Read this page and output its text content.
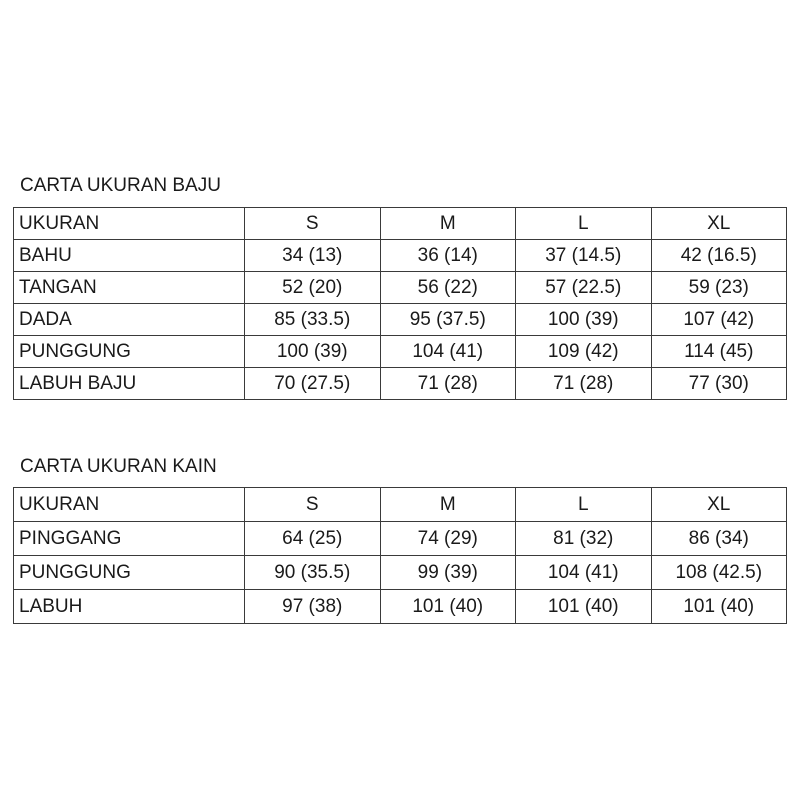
CARTA UKURAN BAJU
UKURAN	S	M	L	XL
BAHU	34 (13)	36 (14)	37 (14.5)	42 (16.5)
TANGAN	52 (20)	56 (22)	57 (22.5)	59 (23)
DADA	85 (33.5)	95 (37.5)	100 (39)	107 (42)
PUNGGUNG	100 (39)	104 (41)	109 (42)	114 (45)
LABUH BAJU	70 (27.5)	71 (28)	71 (28)	77 (30)
CARTA UKURAN KAIN
UKURAN	S	M	L	XL
PINGGANG	64 (25)	74 (29)	81 (32)	86 (34)
PUNGGUNG	90 (35.5)	99 (39)	104 (41)	108 (42.5)
LABUH	97 (38)	101 (40)	101 (40)	101 (40)
